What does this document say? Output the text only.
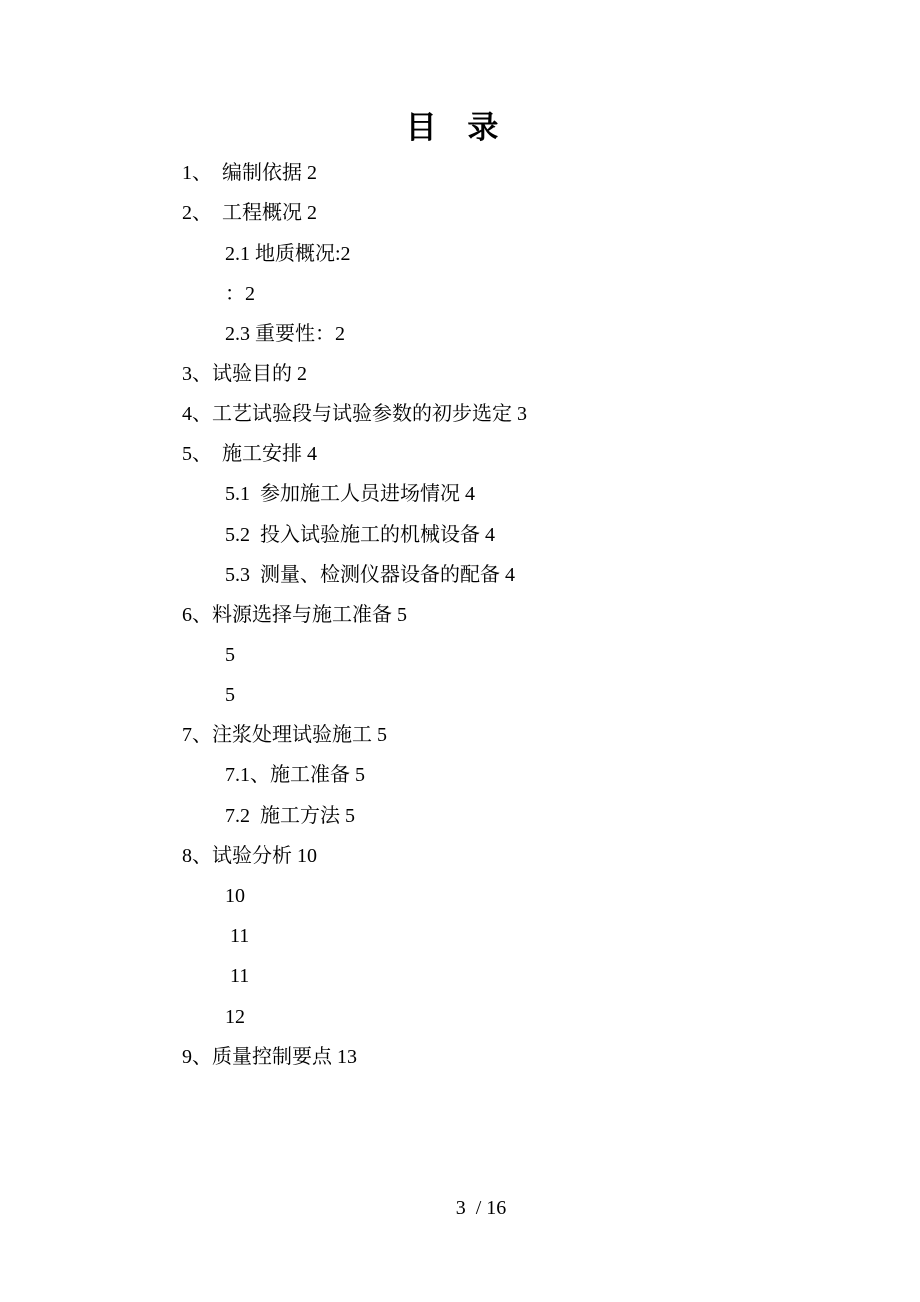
目 录
1、  编制依据 2
2、  工程概况 2
2.1 地质概况:2
：2
2.3 重要性：2
3、试验目的 2
4、工艺试验段与试验参数的初步选定 3
5、  施工安排 4
5.1  参加施工人员进场情况 4
5.2  投入试验施工的机械设备 4
5.3  测量、检测仪器设备的配备 4
6、料源选择与施工准备 5
5
5
7、注浆处理试验施工 5
7.1、施工准备 5
7.2  施工方法 5
8、试验分析 10
10
11
11
12
9、质量控制要点 13
3  / 16
